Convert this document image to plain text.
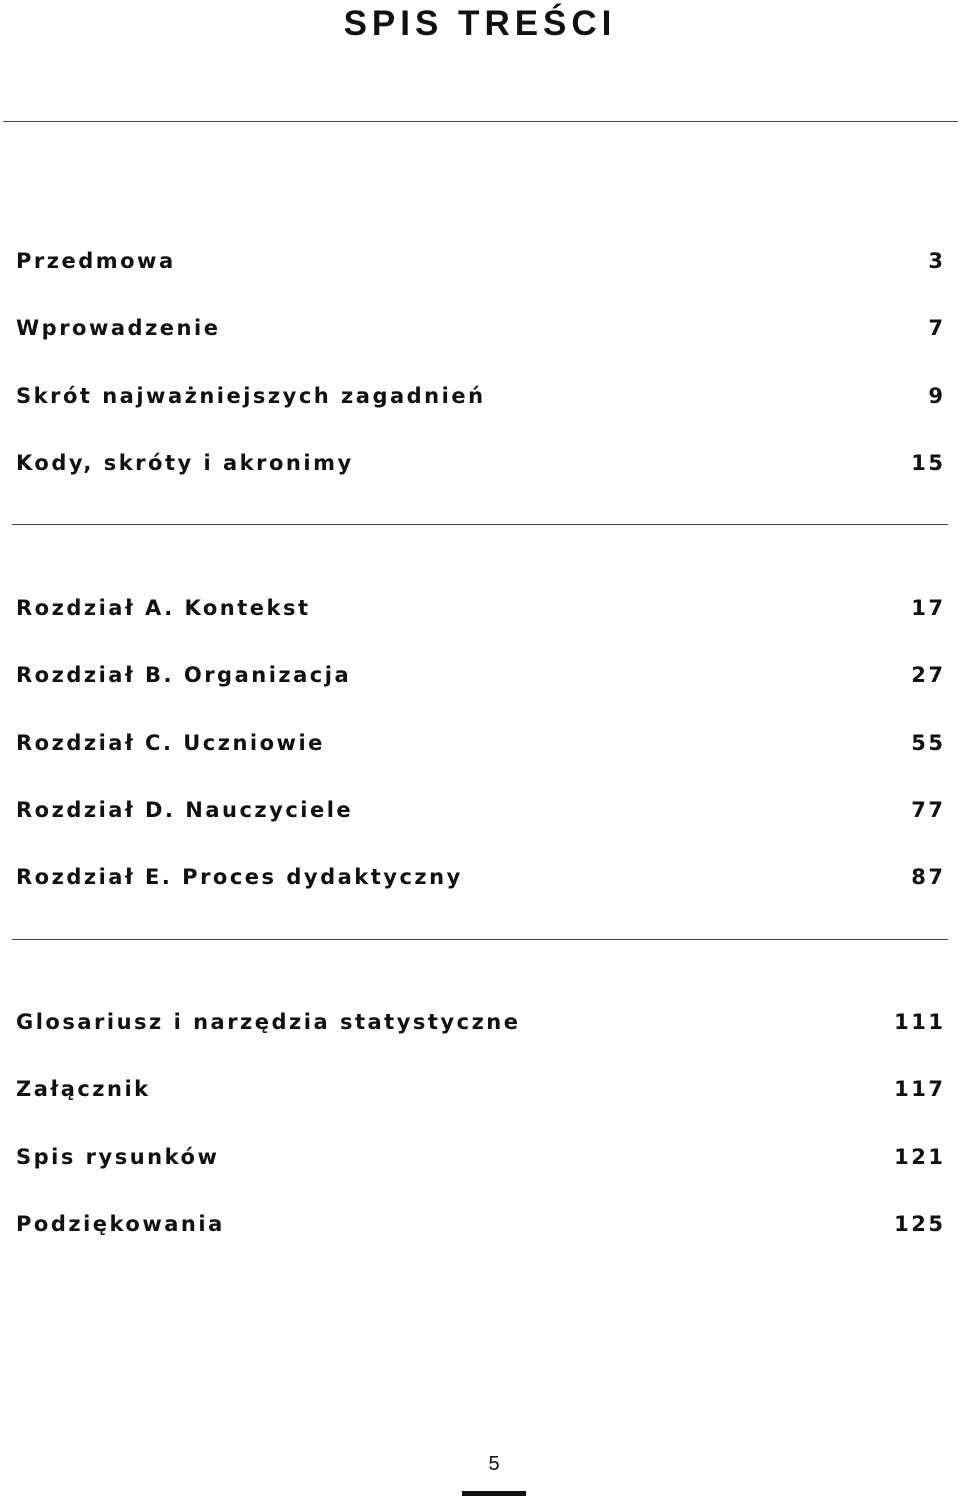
SPIS TREŚCI
Przedmowa	3
Wprowadzenie	7
Skrót najważniejszych zagadnień	9
Kody, skróty i akronimy	15
Rozdział A. Kontekst	17
Rozdział B. Organizacja	27
Rozdział C. Uczniowie	55
Rozdział D. Nauczyciele	77
Rozdział E. Proces dydaktyczny	87
Glosariusz i narzędzia statystyczne	111
Załącznik	117
Spis rysunków	121
Podziękowania	125
5
